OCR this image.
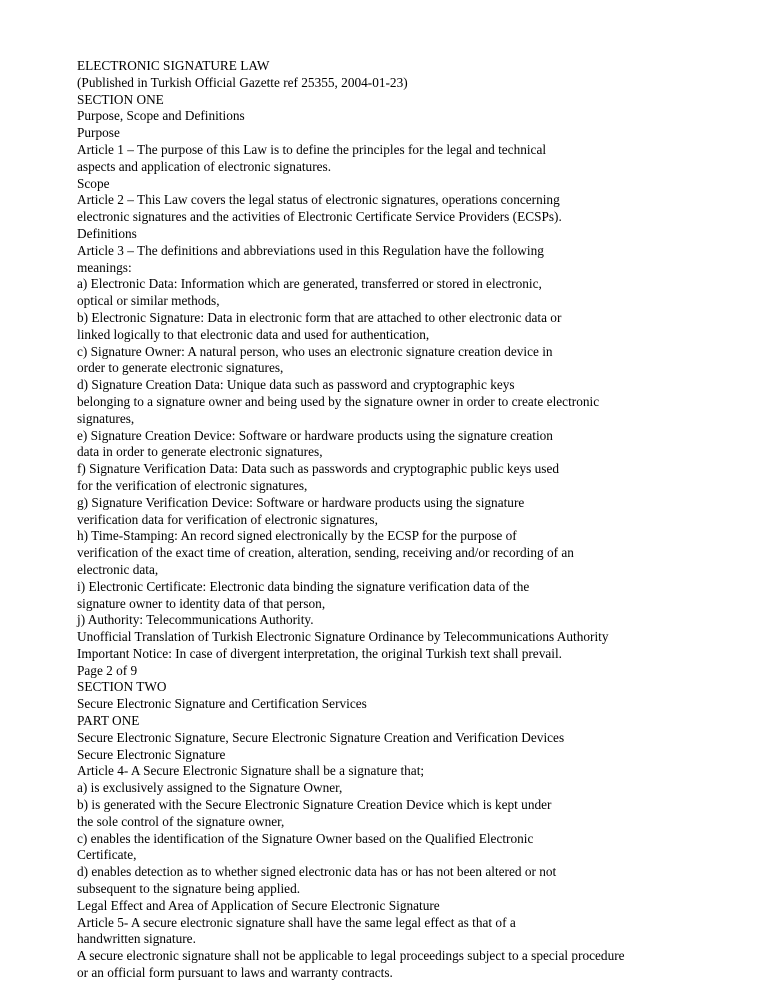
ELECTRONIC SIGNATURE LAW
(Published in Turkish Official Gazette ref 25355, 2004-01-23)
SECTION ONE
Purpose, Scope and Definitions
Purpose
Article 1 – The purpose of this Law is to define the principles for the legal and technical
aspects and application of electronic signatures.
Scope
Article 2 – This Law covers the legal status of electronic signatures, operations concerning
electronic signatures and the activities of Electronic Certificate Service Providers (ECSPs).
Definitions
Article 3 – The definitions and abbreviations used in this Regulation have the following
meanings:
a) Electronic Data: Information which are generated, transferred or stored in electronic,
optical or similar methods,
b) Electronic Signature: Data in electronic form that are attached to other electronic data or
linked logically to that electronic data and used for authentication,
c) Signature Owner: A natural person, who uses an electronic signature creation device in
order to generate electronic signatures,
d) Signature Creation Data: Unique data such as password and cryptographic keys
belonging to a signature owner and being used by the signature owner in order to create electronic
signatures,
e) Signature Creation Device: Software or hardware products using the signature creation
data in order to generate electronic signatures,
f) Signature Verification Data: Data such as passwords and cryptographic public keys used
for the verification of electronic signatures,
g) Signature Verification Device: Software or hardware products using the signature
verification data for verification of electronic signatures,
h) Time-Stamping: An record signed electronically by the ECSP for the purpose of
verification of the exact time of creation, alteration, sending, receiving and/or recording of an
electronic data,
i) Electronic Certificate: Electronic data binding the signature verification data of the
signature owner to identity data of that person,
j) Authority: Telecommunications Authority.
Unofficial Translation of Turkish Electronic Signature Ordinance by Telecommunications Authority
Important Notice: In case of divergent interpretation, the original Turkish text shall prevail.
Page 2 of 9
SECTION TWO
Secure Electronic Signature and Certification Services
PART ONE
Secure Electronic Signature, Secure Electronic Signature Creation and Verification Devices
Secure Electronic Signature
Article 4- A Secure Electronic Signature shall be a signature that;
a) is exclusively assigned to the Signature Owner,
b) is generated with the Secure Electronic Signature Creation Device which is kept under
the sole control of the signature owner,
c) enables the identification of the Signature Owner based on the Qualified Electronic
Certificate,
d) enables detection as to whether signed electronic data has or has not been altered or not
subsequent to the signature being applied.
Legal Effect and Area of Application of Secure Electronic Signature
Article 5- A secure electronic signature shall have the same legal effect as that of a
handwritten signature.
A secure electronic signature shall not be applicable to legal proceedings subject to a special procedure
or an official form pursuant to laws and warranty contracts.
